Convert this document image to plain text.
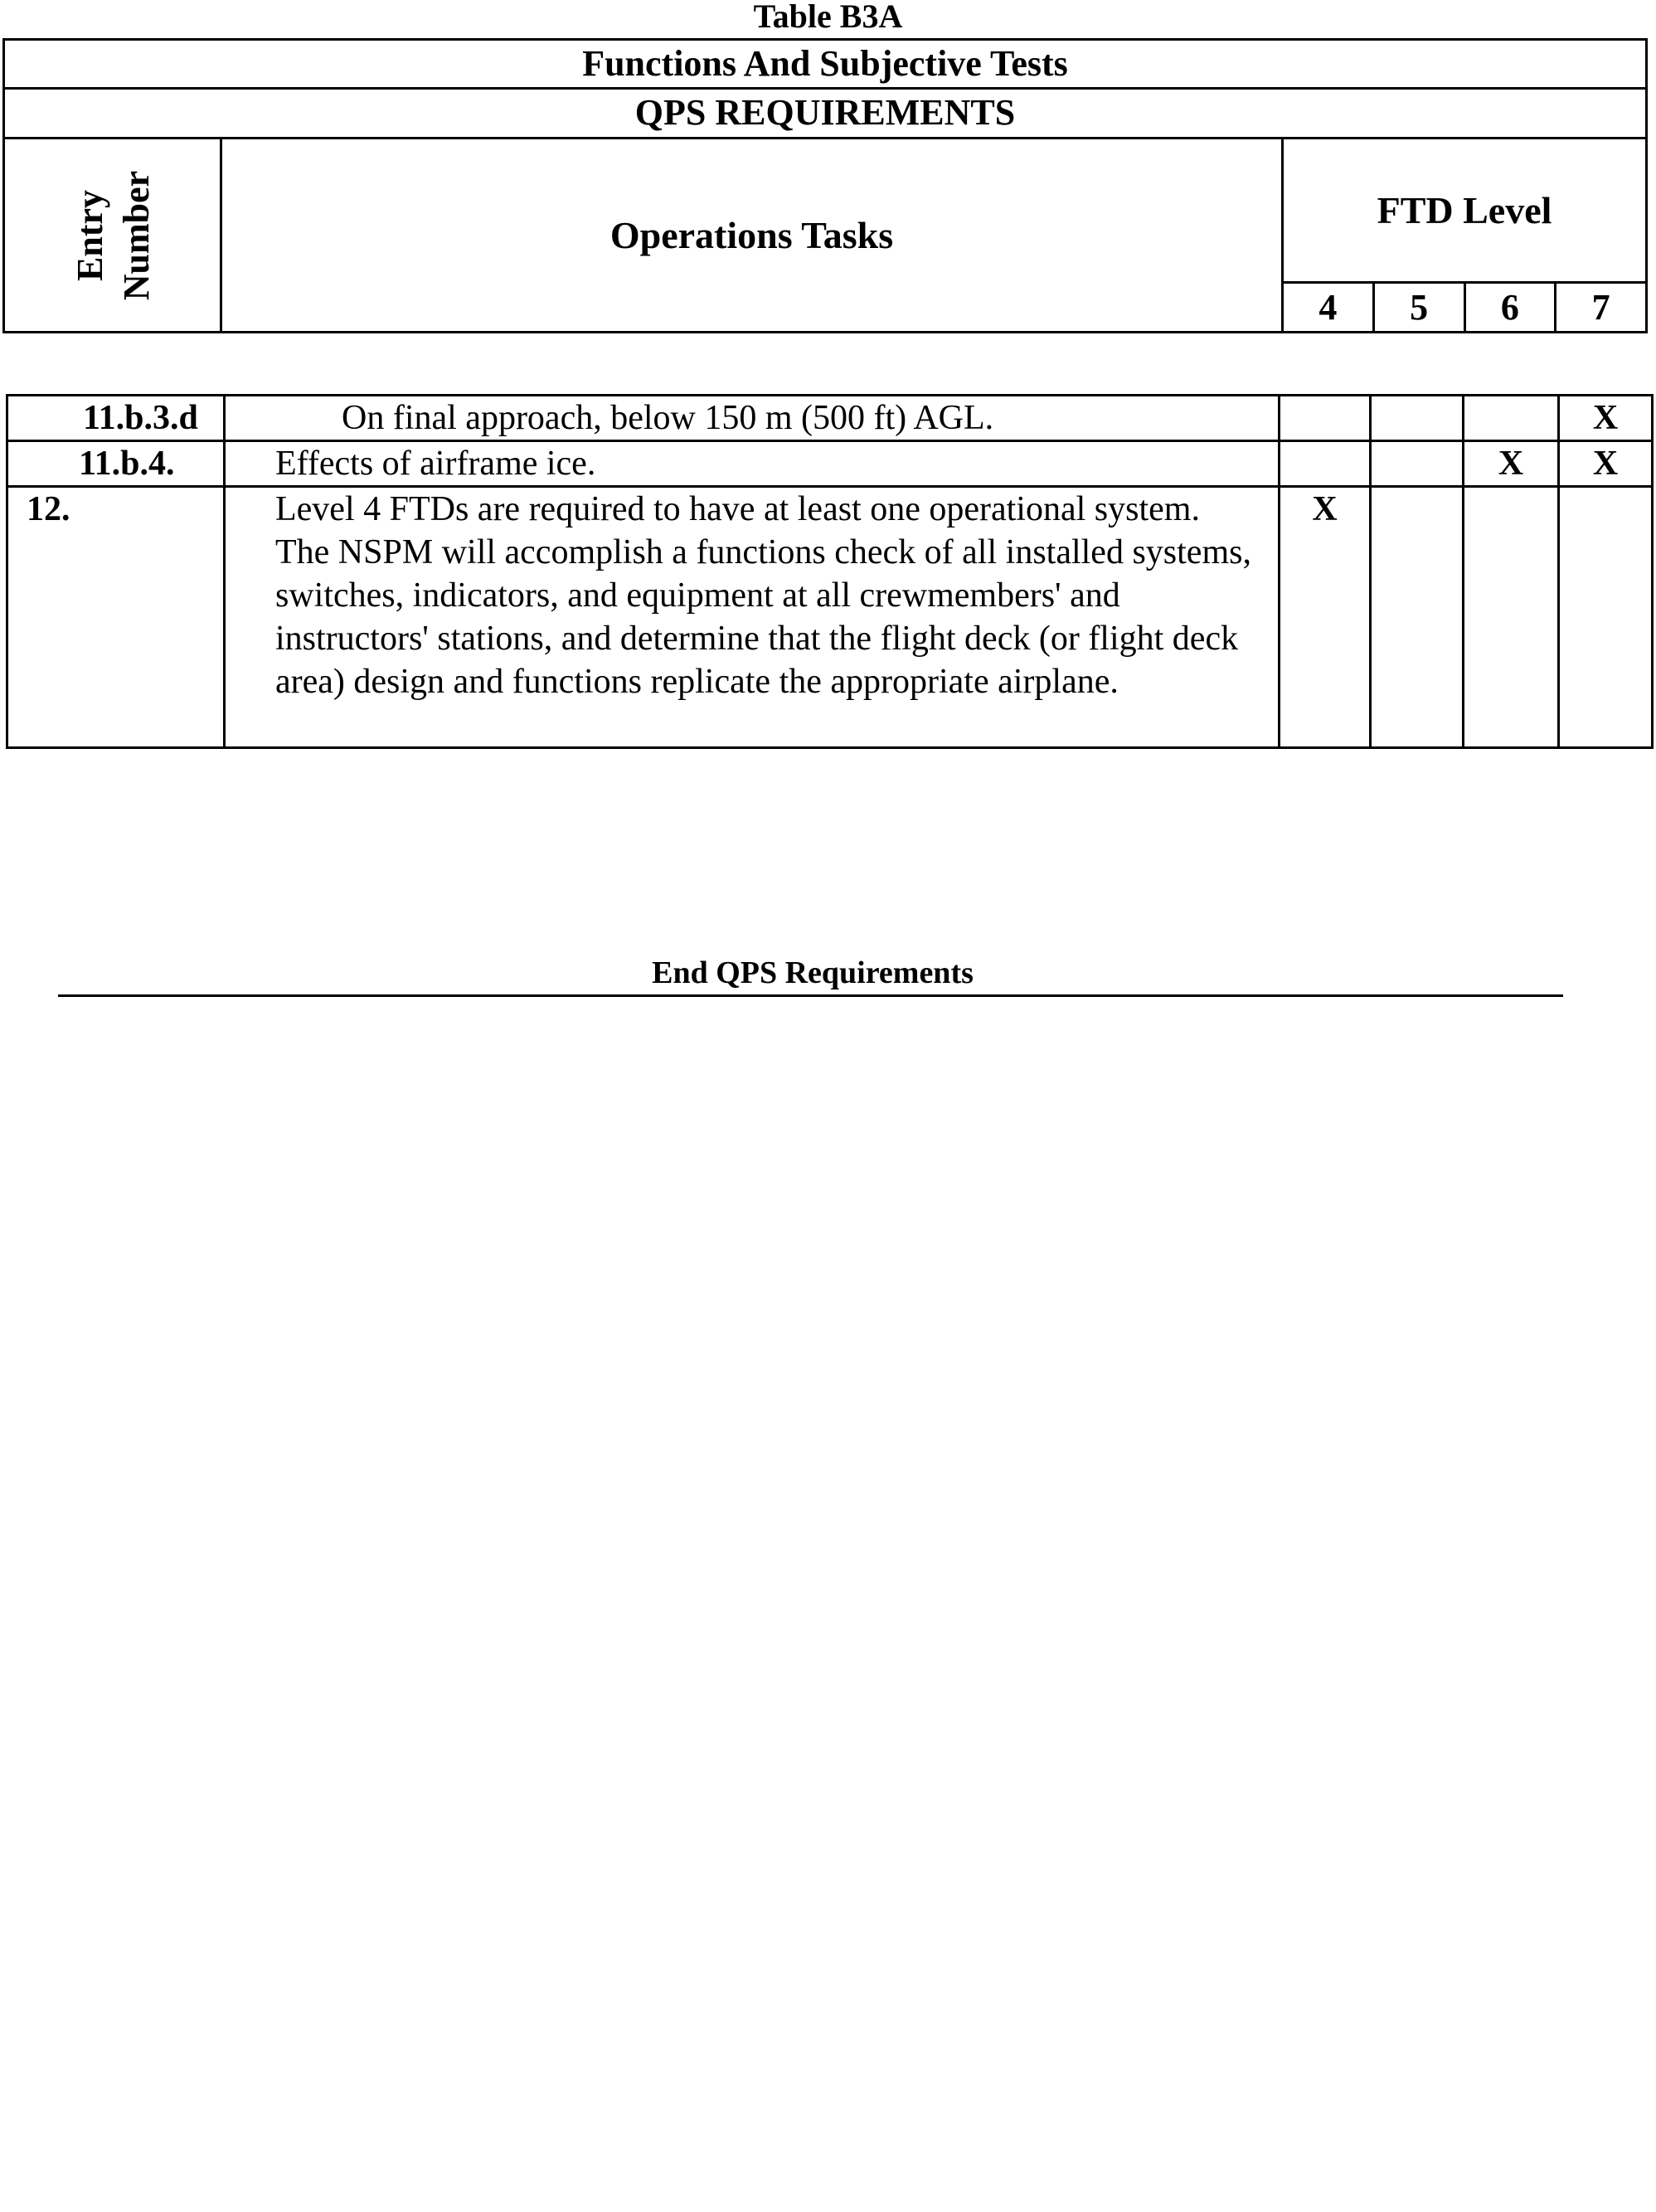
Table B3A
Functions And Subjective Tests
QPS REQUIREMENTS
Entry Number	Operations Tasks
FTD Level
4	5	6	7
11.b.3.d	On final approach, below 150 m (500 ft) AGL.				X
11.b.4.	Effects of airframe ice.			X	X
12.	Level 4 FTDs are required to have at least one operational system. The NSPM will accomplish a functions check of all installed systems, switches, indicators, and equipment at all crewmembers' and instructors' stations, and determine that the flight deck (or flight deck area) design and functions replicate the appropriate airplane.	X			
End QPS Requirements
